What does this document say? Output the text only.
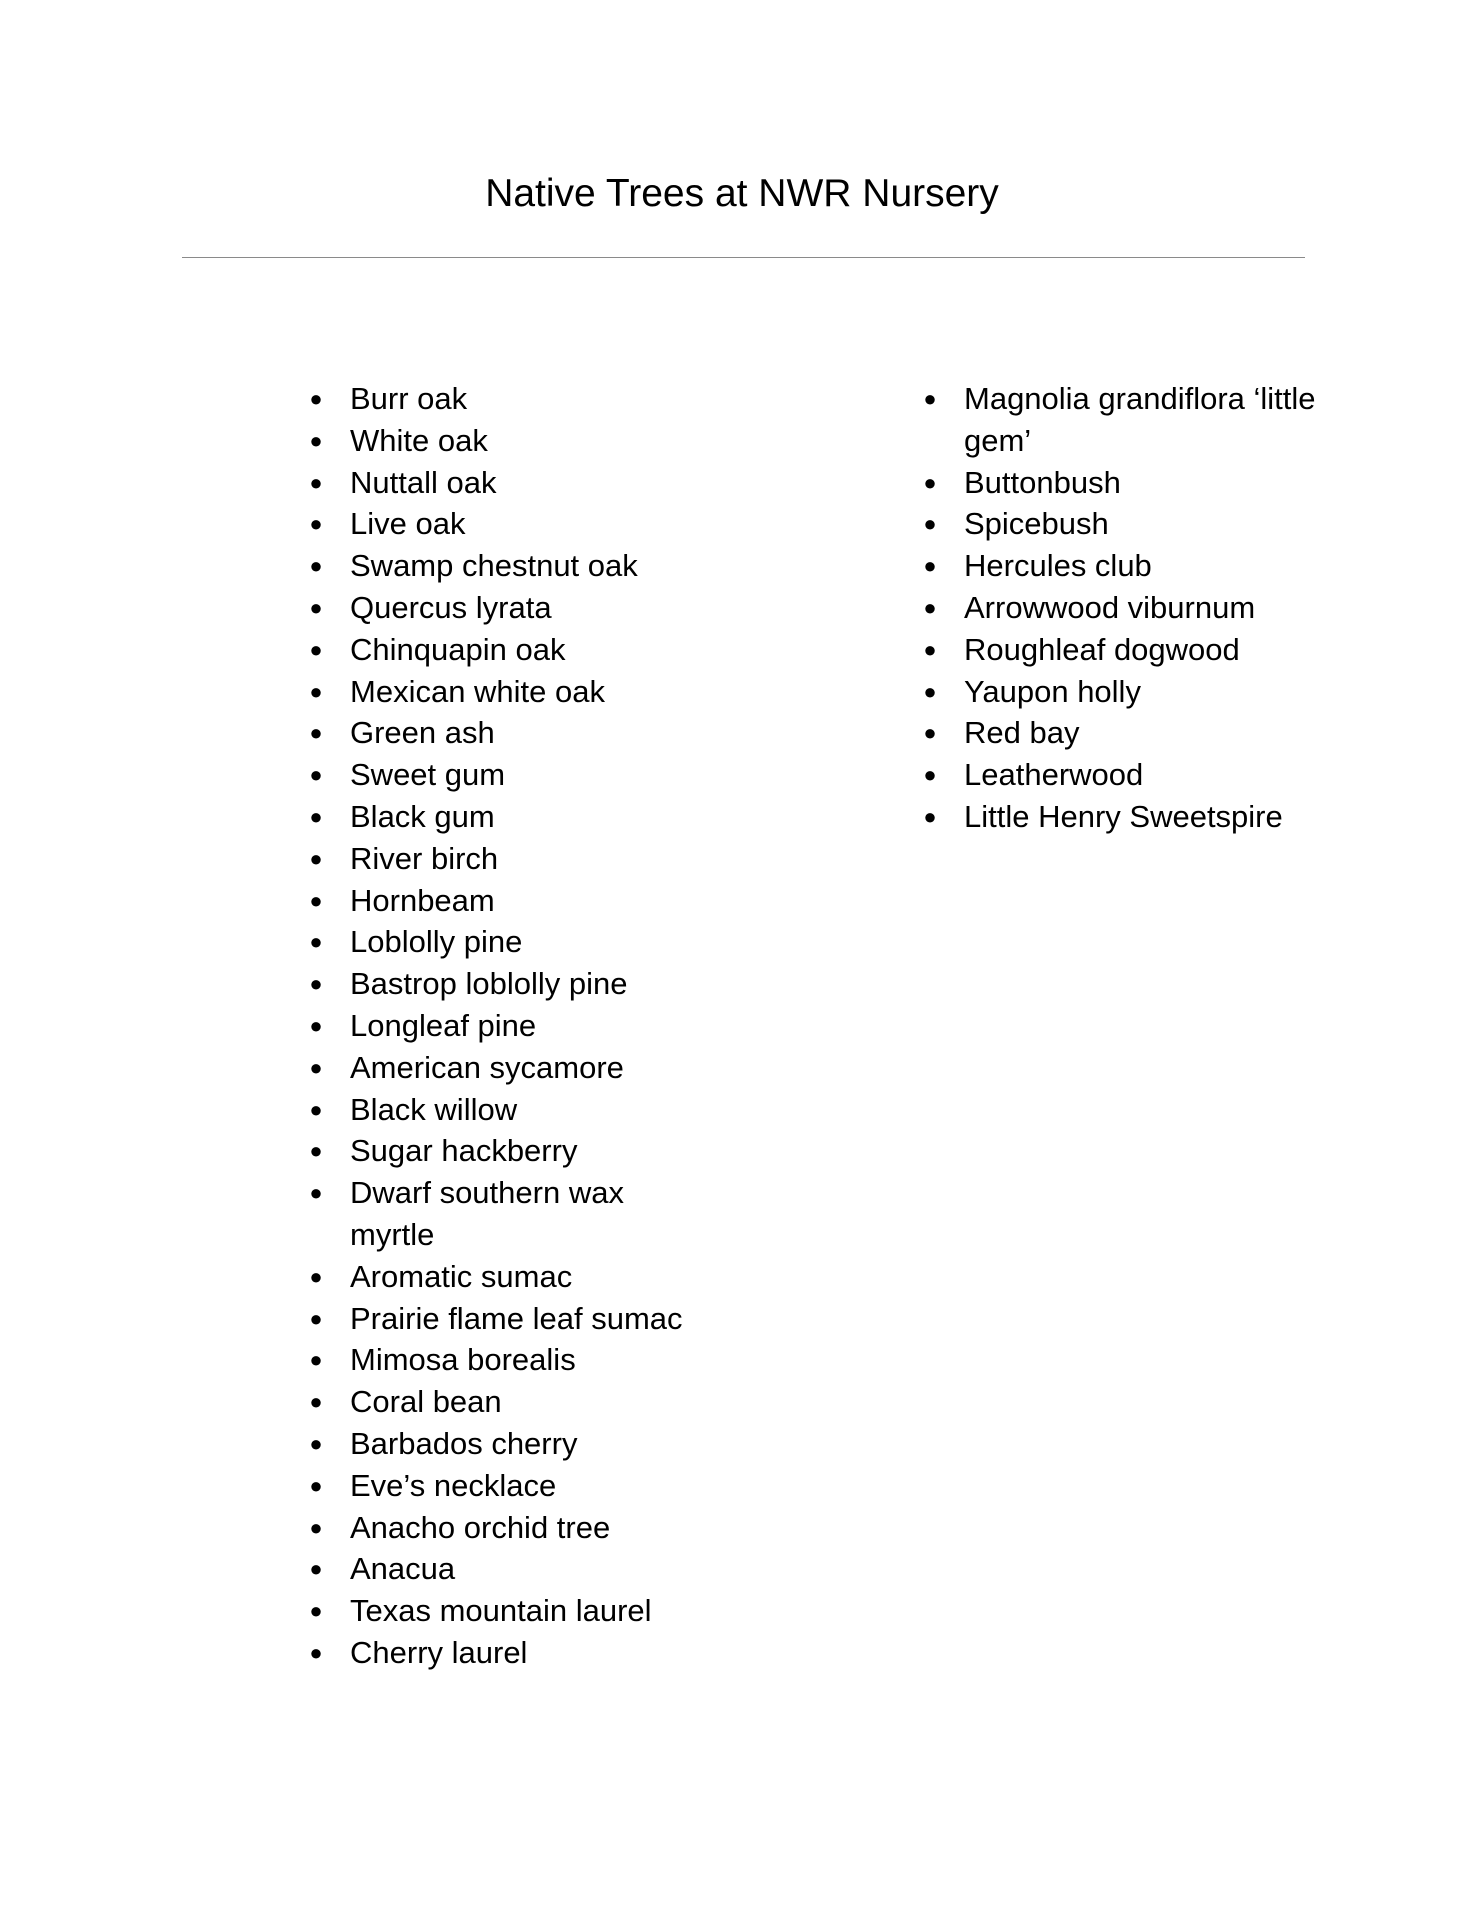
Native Trees at NWR Nursery
● Burr oak
● White oak
● Nuttall oak
● Live oak
● Swamp chestnut oak
● Quercus lyrata
● Chinquapin oak
● Mexican white oak
● Green ash
● Sweet gum
● Black gum
● River birch
● Hornbeam
● Loblolly pine
● Bastrop loblolly pine
● Longleaf pine
● American sycamore
● Black willow
● Sugar hackberry
● Dwarf southern wax myrtle
● Aromatic sumac
● Prairie flame leaf sumac
● Mimosa borealis
● Coral bean
● Barbados cherry
● Eve’s necklace
● Anacho orchid tree
● Anacua
● Texas mountain laurel
● Cherry laurel
● Magnolia grandiflora ‘little gem’
● Buttonbush
● Spicebush
● Hercules club
● Arrowwood viburnum
● Roughleaf dogwood
● Yaupon holly
● Red bay
● Leatherwood
● Little Henry Sweetspire
